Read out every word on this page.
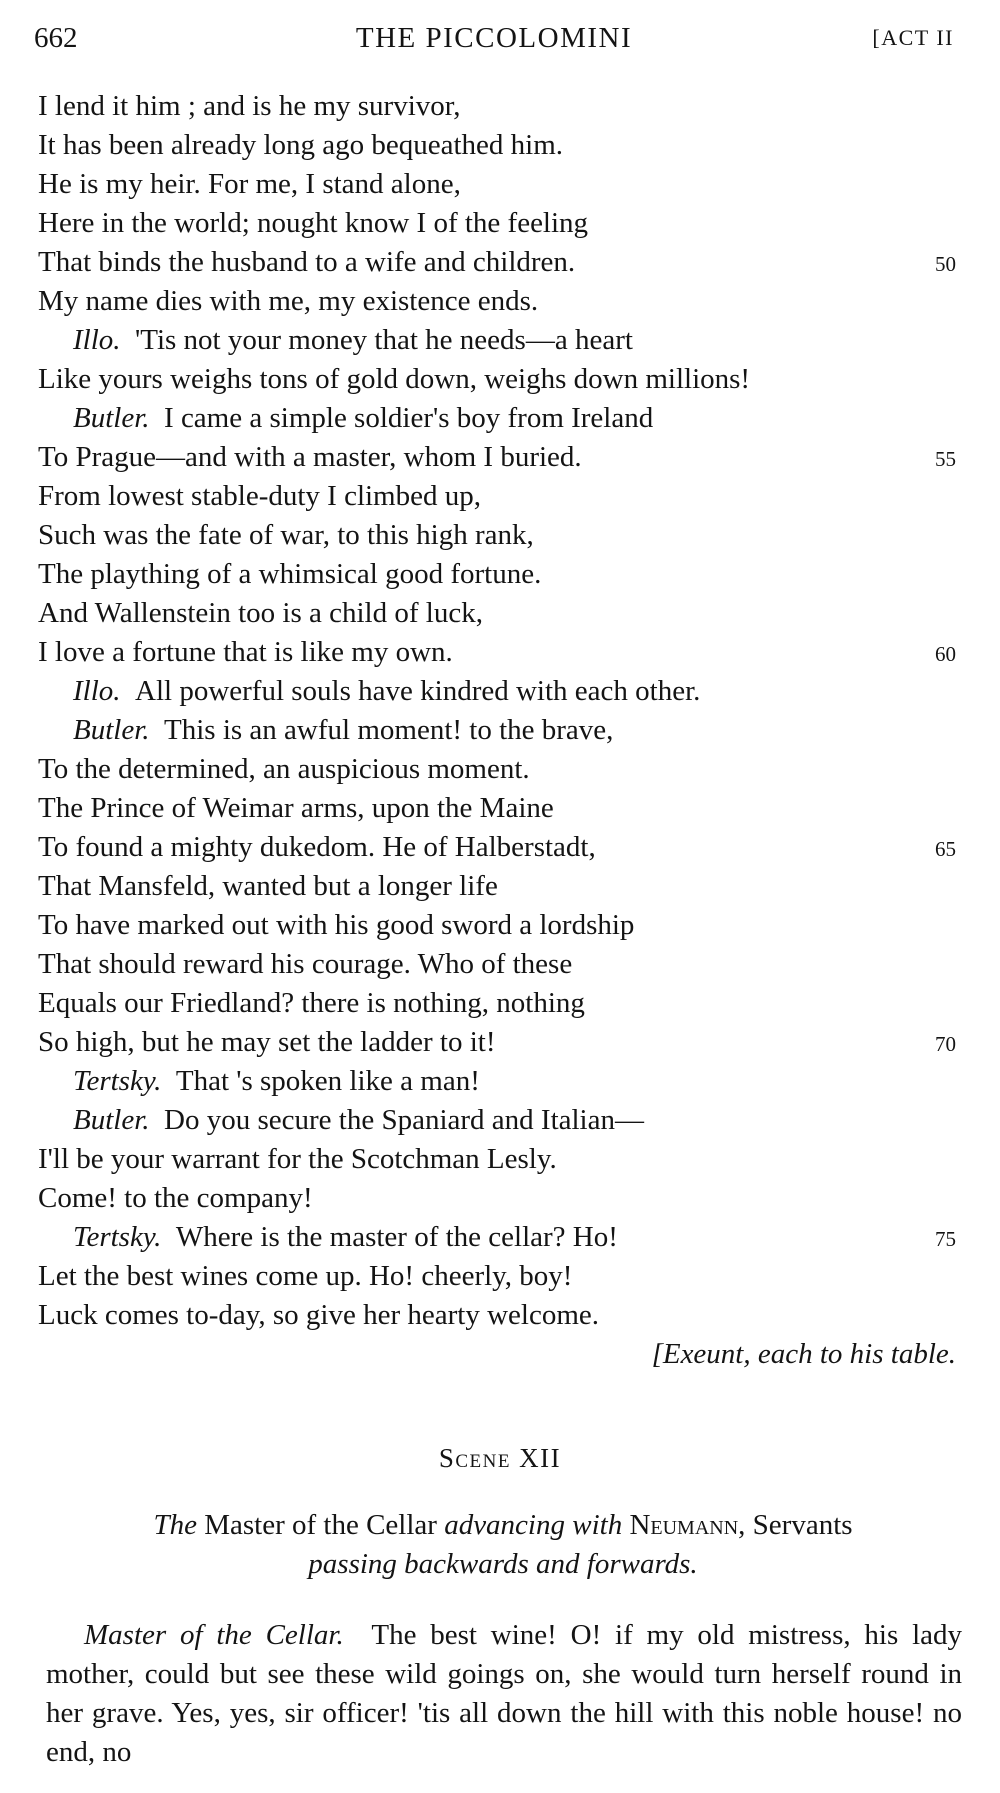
662	THE PICCOLOMINI	[ACT II
I lend it him ; and is he my survivor,
It has been already long ago bequeathed him.
He is my heir. For me, I stand alone,
Here in the world; nought know I of the feeling
That binds the husband to a wife and children.	50
My name dies with me, my existence ends.
Illo. 'Tis not your money that he needs—a heart
Like yours weighs tons of gold down, weighs down millions!
Butler. I came a simple soldier's boy from Ireland
To Prague—and with a master, whom I buried.	55
From lowest stable-duty I climbed up,
Such was the fate of war, to this high rank,
The plaything of a whimsical good fortune.
And Wallenstein too is a child of luck,
I love a fortune that is like my own.	60
Illo. All powerful souls have kindred with each other.
Butler. This is an awful moment! to the brave,
To the determined, an auspicious moment.
The Prince of Weimar arms, upon the Maine
To found a mighty dukedom. He of Halberstadt,	65
That Mansfeld, wanted but a longer life
To have marked out with his good sword a lordship
That should reward his courage. Who of these
Equals our Friedland? there is nothing, nothing
So high, but he may set the ladder to it!	70
Tertsky. That 's spoken like a man!
Butler. Do you secure the Spaniard and Italian—
I'll be your warrant for the Scotchman Lesly.
Come! to the company!
Tertsky. Where is the master of the cellar? Ho!	75
Let the best wines come up. Ho! cheerly, boy!
Luck comes to-day, so give her hearty welcome.
[Exeunt, each to his table.
Scene XII
The Master of the Cellar advancing with Neumann, Servants
passing backwards and forwards.
Master of the Cellar. The best wine! O! if my old mistress, his lady mother, could but see these wild goings on, she would turn herself round in her grave. Yes, yes, sir officer! 'tis all down the hill with this noble house! no end, no
